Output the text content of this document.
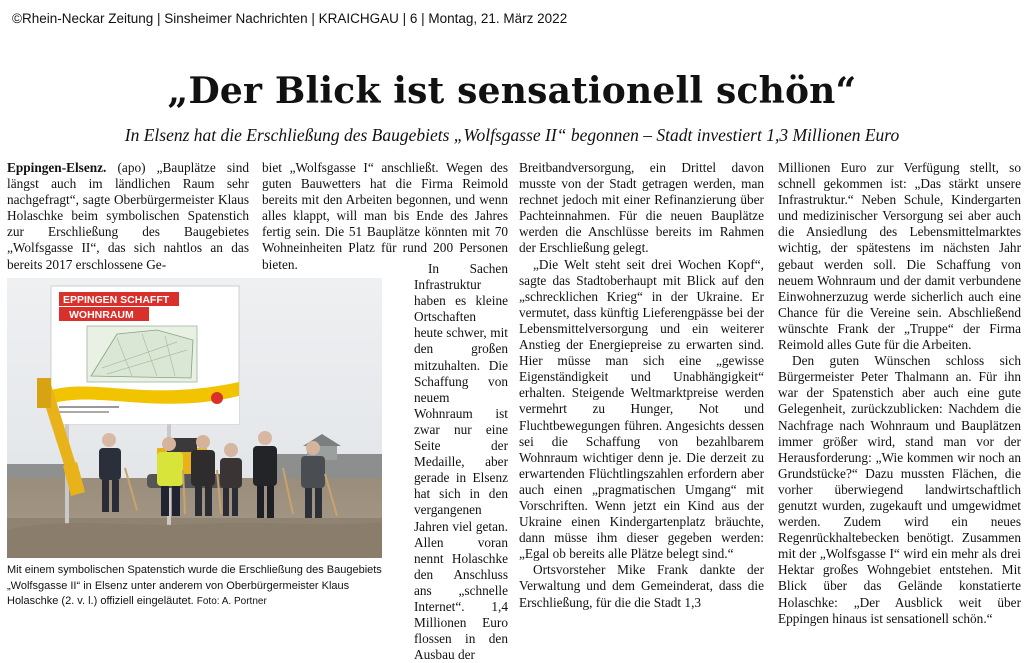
©Rhein-Neckar Zeitung | Sinsheimer Nachrichten | KRAICHGAU | 6 | Montag, 21. März 2022
„Der Blick ist sensationell schön“
In Elsenz hat die Erschließung des Baugebiets „Wolfsgasse II“ begonnen – Stadt investiert 1,3 Millionen Euro

Eppingen-Elsenz. (apo) „Bauplätze sind längst auch im ländlichen Raum sehr nachgefragt“, sagte Oberbürgermeister Klaus Holaschke beim symbolischen Spatenstich zur Erschließung des Baugebietes „Wolfsgasse II“, das sich nahtlos an das bereits 2017 erschlossene Ge-

EPPINGEN SCHAFFT
WOHNRAUM
Mit einem symbolischen Spatenstich wurde die Erschließung des Baugebiets „Wolfsgasse II“ in Elsenz unter anderem von Oberbürgermeister Klaus Holaschke (2. v. l.) offiziell eingeläutet. Foto: A. Portner

biet „Wolfsgasse I“ anschließt. Wegen des guten Bauwetters hat die Firma Reimold bereits mit den Arbeiten begonnen, und wenn alles klappt, will man bis Ende des Jahres fertig sein. Die 51 Bauplätze könnten mit 70 Wohneinheiten Platz für rund 200 Personen bieten.	In Sachen Infrastruktur haben es kleine Ortschaften heute schwer, mit den großen mitzuhalten. Die Schaffung von neuem Wohnraum ist zwar nur eine Seite der Medaille, aber gerade in Elsenz hat sich in den vergangenen Jahren viel getan. Allen voran nennt Holaschke den Anschluss ans „schnelle Internet“. 1,4 Millionen Euro flossen in den Ausbau der

Breitbandversorgung, ein Drittel davon musste von der Stadt getragen werden, man rechnet jedoch mit einer Refinanzierung über Pachteinnahmen. Für die neuen Bauplätze werden die Anschlüsse bereits im Rahmen der Erschließung gelegt.

„Die Welt steht seit drei Wochen Kopf“, sagte das Stadtoberhaupt mit Blick auf den „schrecklichen Krieg“ in der Ukraine. Er vermutet, dass künftig Lieferengpässe bei der Lebensmittelversorgung und ein weiterer Anstieg der Energiepreise zu erwarten sind. Hier müsse man sich eine „gewisse Eigenständigkeit und Unabhängigkeit“ erhalten. Steigende Weltmarktpreise werden vermehrt zu Hunger, Not und Fluchtbewegungen führen. Angesichts dessen sei die Schaffung von bezahlbarem Wohnraum wichtiger denn je. Die derzeit zu erwartenden Flüchtlingszahlen erfordern aber auch einen „pragmatischen Umgang“ mit Vorschriften. Wenn jetzt ein Kind aus der Ukraine einen Kindergartenplatz bräuchte, dann müsse ihm dieser gegeben werden: „Egal ob bereits alle Plätze belegt sind.“

Ortsvorsteher Mike Frank dankte der Verwaltung und dem Gemeinderat, dass die Erschließung, für die die Stadt 1,3

Millionen Euro zur Verfügung stellt, so schnell gekommen ist: „Das stärkt unsere Infrastruktur.“ Neben Schule, Kindergarten und medizinischer Versorgung sei aber auch die Ansiedlung des Lebensmittelmarktes wichtig, der spätestens im nächsten Jahr gebaut werden soll. Die Schaffung von neuem Wohnraum und der damit verbundene Einwohnerzuzug werde sicherlich auch eine Chance für die Vereine sein. Abschließend wünschte Frank der „Truppe“ der Firma Reimold alles Gute für die Arbeiten.

Den guten Wünschen schloss sich Bürgermeister Peter Thalmann an. Für ihn war der Spatenstich aber auch eine gute Gelegenheit, zurückzublicken: Nachdem die Nachfrage nach Wohnraum und Bauplätzen immer größer wird, stand man vor der Herausforderung: „Wie kommen wir noch an Grundstücke?“ Dazu mussten Flächen, die vorher überwiegend landwirtschaftlich genutzt wurden, zugekauft und umgewidmet werden. Zudem wird ein neues Regenrückhaltebecken benötigt. Zusammen mit der „Wolfsgasse I“ wird ein mehr als drei Hektar großes Wohngebiet entstehen. Mit Blick über das Gelände konstatierte Holaschke: „Der Ausblick weit über Eppingen hinaus ist sensationell schön.“
